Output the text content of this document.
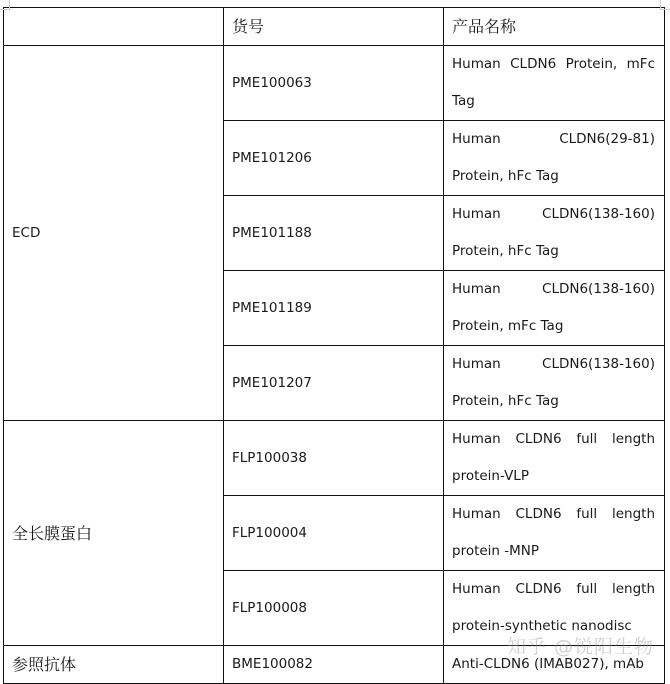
	货号	产品名称
ECD	PME100063	Human CLDN6 Protein, mFc Tag
	PME101206	Human CLDN6(29-81) Protein, hFc Tag
	PME101188	Human CLDN6(138-160) Protein, hFc Tag
	PME101189	Human CLDN6(138-160) Protein, mFc Tag
	PME101207	Human CLDN6(138-160) Protein, hFc Tag
全长膜蛋白	FLP100038	Human CLDN6 full length protein-VLP
	FLP100004	Human CLDN6 full length protein -MNP
	FLP100008	Human CLDN6 full length protein-synthetic nanodisc
参照抗体	BME100082	Anti-CLDN6 (IMAB027), mAb
知乎 @锐阳生物
